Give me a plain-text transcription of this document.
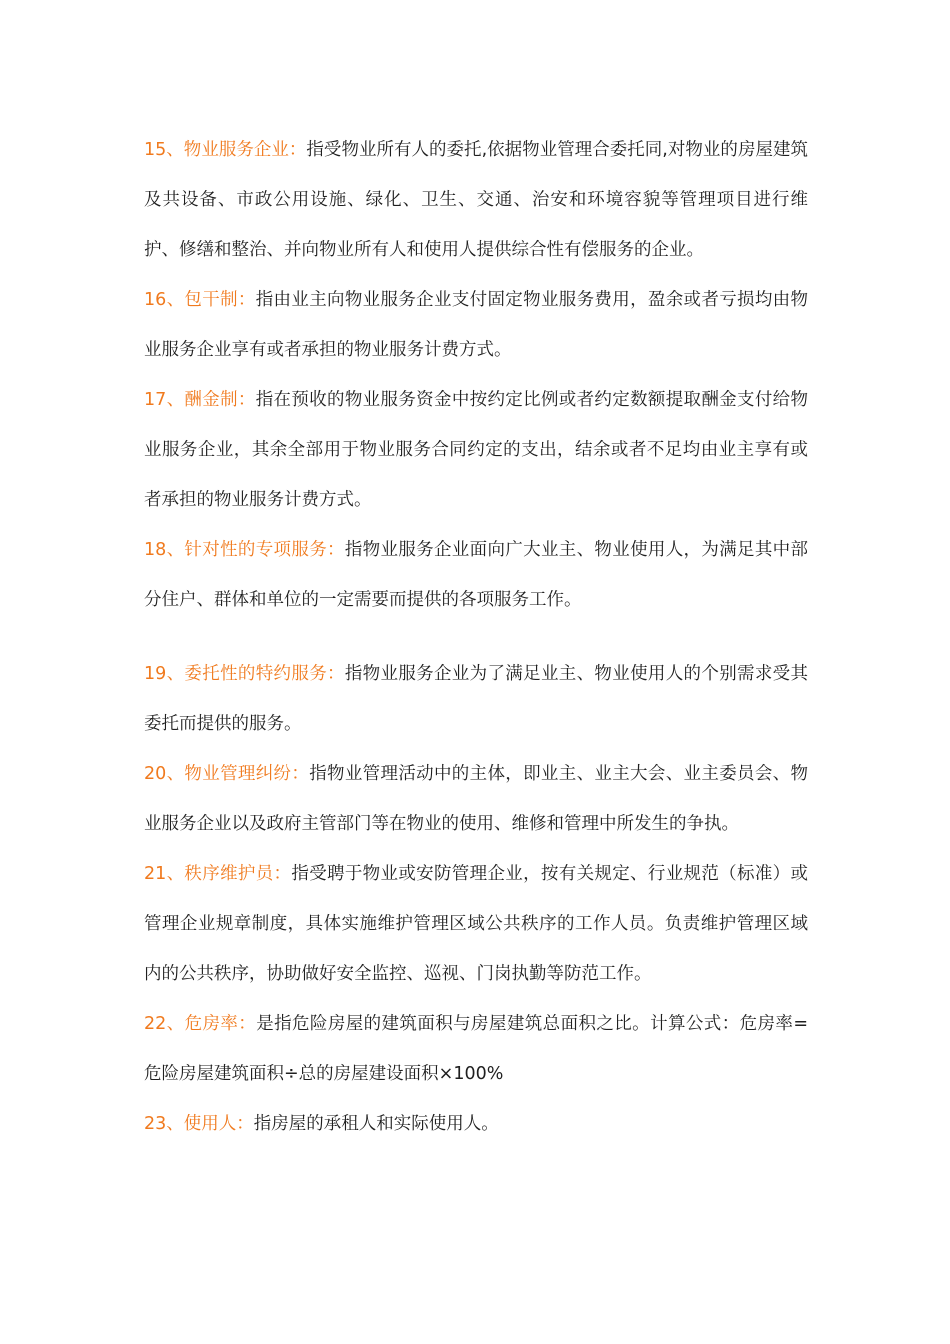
15、物业服务企业：指受物业所有人的委托,依据物业管理合委托同,对物业的房屋建筑及共设备、市政公用设施、绿化、卫生、交通、治安和环境容貌等管理项目进行维护、修缮和整治、并向物业所有人和使用人提供综合性有偿服务的企业。

16、包干制：指由业主向物业服务企业支付固定物业服务费用，盈余或者亏损均由物业服务企业享有或者承担的物业服务计费方式。

17、酬金制：指在预收的物业服务资金中按约定比例或者约定数额提取酬金支付给物业服务企业，其余全部用于物业服务合同约定的支出，结余或者不足均由业主享有或者承担的物业服务计费方式。

18、针对性的专项服务：指物业服务企业面向广大业主、物业使用人，为满足其中部分住户、群体和单位的一定需要而提供的各项服务工作。

19、委托性的特约服务：指物业服务企业为了满足业主、物业使用人的个别需求受其委托而提供的服务。

20、物业管理纠纷：指物业管理活动中的主体，即业主、业主大会、业主委员会、物业服务企业以及政府主管部门等在物业的使用、维修和管理中所发生的争执。

21、秩序维护员：指受聘于物业或安防管理企业，按有关规定、行业规范（标准）或管理企业规章制度，具体实施维护管理区域公共秩序的工作人员。负责维护管理区域内的公共秩序，协助做好安全监控、巡视、门岗执勤等防范工作。

22、危房率：是指危险房屋的建筑面积与房屋建筑总面积之比。计算公式：危房率=危险房屋建筑面积÷总的房屋建设面积×100%

23、使用人：指房屋的承租人和实际使用人。
